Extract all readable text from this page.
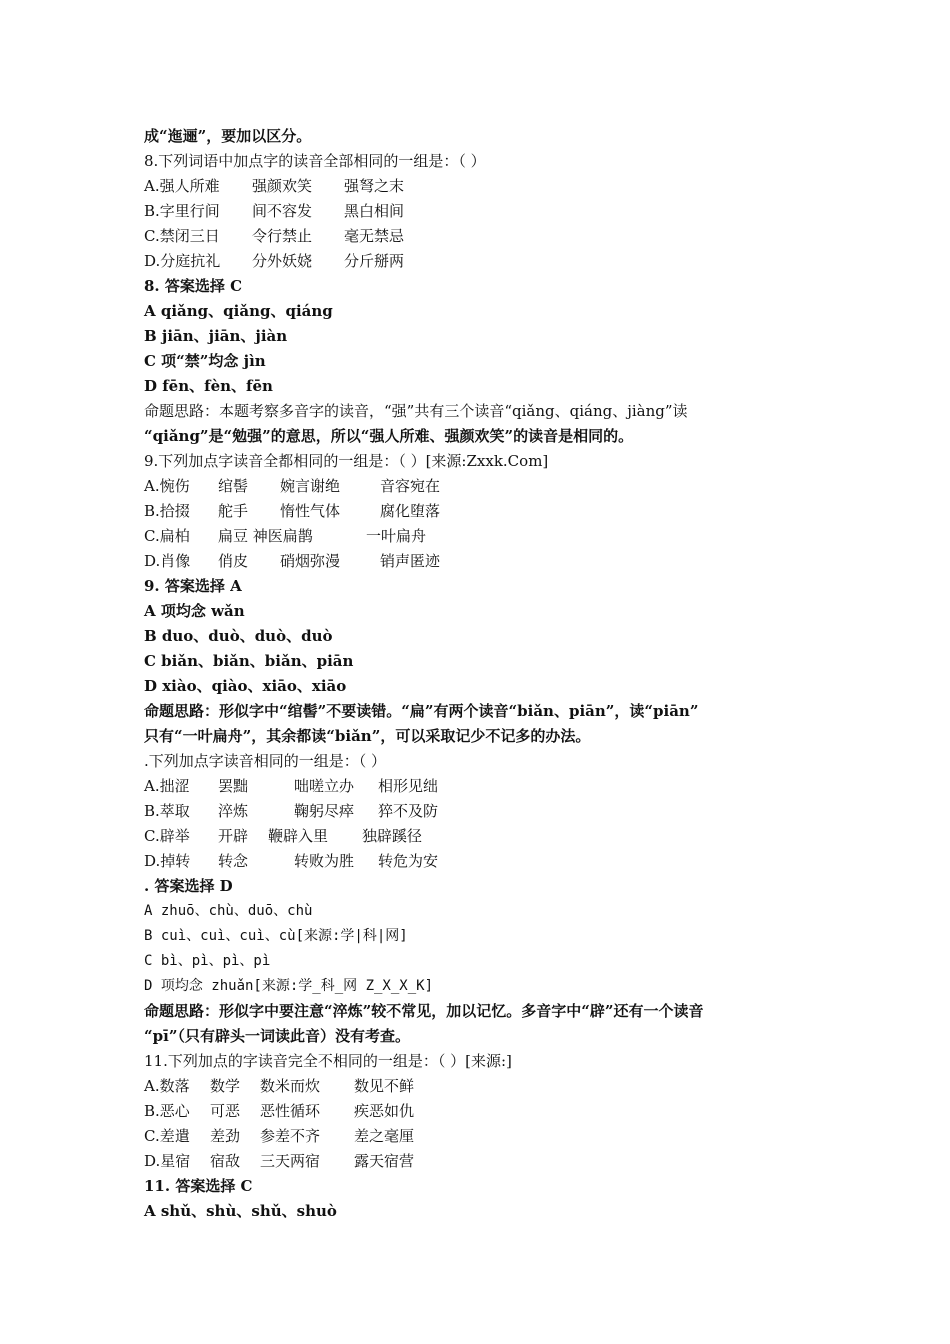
成“迤逦”，要加以区分。
8.下列词语中加点字的读音全部相同的一组是：（ ）
A.强人所难 强颜欢笑 强弩之末
B.字里行间 间不容发 黑白相间
C.禁闭三日 令行禁止 毫无禁忌
D.分庭抗礼 分外妖娆 分斤掰两
8. 答案选择 C
A qiǎng、qiǎng、qiáng
B jiān、jiān、jiàn
C 项“禁”均念 jìn
D fēn、fèn、fēn
命题思路：本题考察多音字的读音，“强”共有三个读音“qiǎng、qiáng、jiàng”读
“qiǎng”是“勉强”的意思，所以“强人所难、强颜欢笑”的读音是相同的。
9.下列加点字读音全都相同的一组是：（ ）[来源:Zxxk.Com]
A.惋伤 绾髻 婉言谢绝	音容宛在
B.拾掇 舵手 惰性气体	腐化堕落
C.扁柏 扁豆 神医扁鹊	一叶扁舟
D.肖像 俏皮 硝烟弥漫	销声匿迹
9. 答案选择 A
A 项均念 wǎn
B duo、duò、duò、duò
C biǎn、biǎn、biǎn、piān
D xiào、qiào、xiāo、xiāo
命题思路：形似字中“绾髻”不要读错。“扁”有两个读音“biǎn、piān”，读“piān”
只有“一叶扁舟”，其余都读“biǎn”，可以采取记少不记多的办法。
.下列加点字读音相同的一组是：（ ）
A.拙涩 罢黜	咄嗟立办 相形见绌
B.萃取 淬炼	鞠躬尽瘁 猝不及防
C.辟举 开辟 鞭辟入里 独辟蹊径
D.掉转 转念	转败为胜 转危为安
. 答案选择 D
A zhuō、chù、duō、chù
B cuì、cuì、cuì、cù[来源:学|科|网]
C bì、pì、pì、pì
D 项均念 zhuǎn[来源:学_科_网 Z_X_X_K]
命题思路：形似字中要注意“淬炼”较不常见，加以记忆。多音字中“辟”还有一个读音
“pī”（只有辟头一词读此音）没有考查。
11.下列加点的字读音完全不相同的一组是：（ ）[来源:]
A.数落 数学 数米而炊 数见不鲜
B.恶心 可恶 恶性循环 疾恶如仇
C.差遣 差劲 参差不齐 差之毫厘
D.星宿 宿敌 三天两宿 露天宿营
11. 答案选择 C
A shǔ、shù、shǔ、shuò
